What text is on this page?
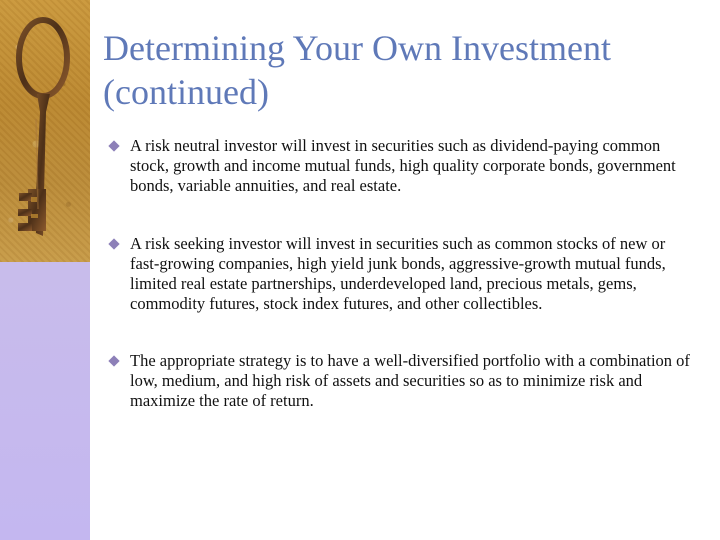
Determining Your Own Investment (continued)
A risk neutral investor will invest in securities such as dividend-paying common stock, growth and income mutual funds, high quality corporate bonds, government bonds, variable annuities, and real estate.
A risk seeking investor will invest in securities such as common stocks of new or fast-growing companies, high yield junk bonds, aggressive-growth mutual funds, limited real estate partnerships, underdeveloped land, precious metals, gems, commodity futures, stock index futures, and other collectibles.
The appropriate strategy is to have a well-diversified portfolio with a combination of low, medium, and high risk of assets and securities so as to minimize risk and maximize the rate of return.
